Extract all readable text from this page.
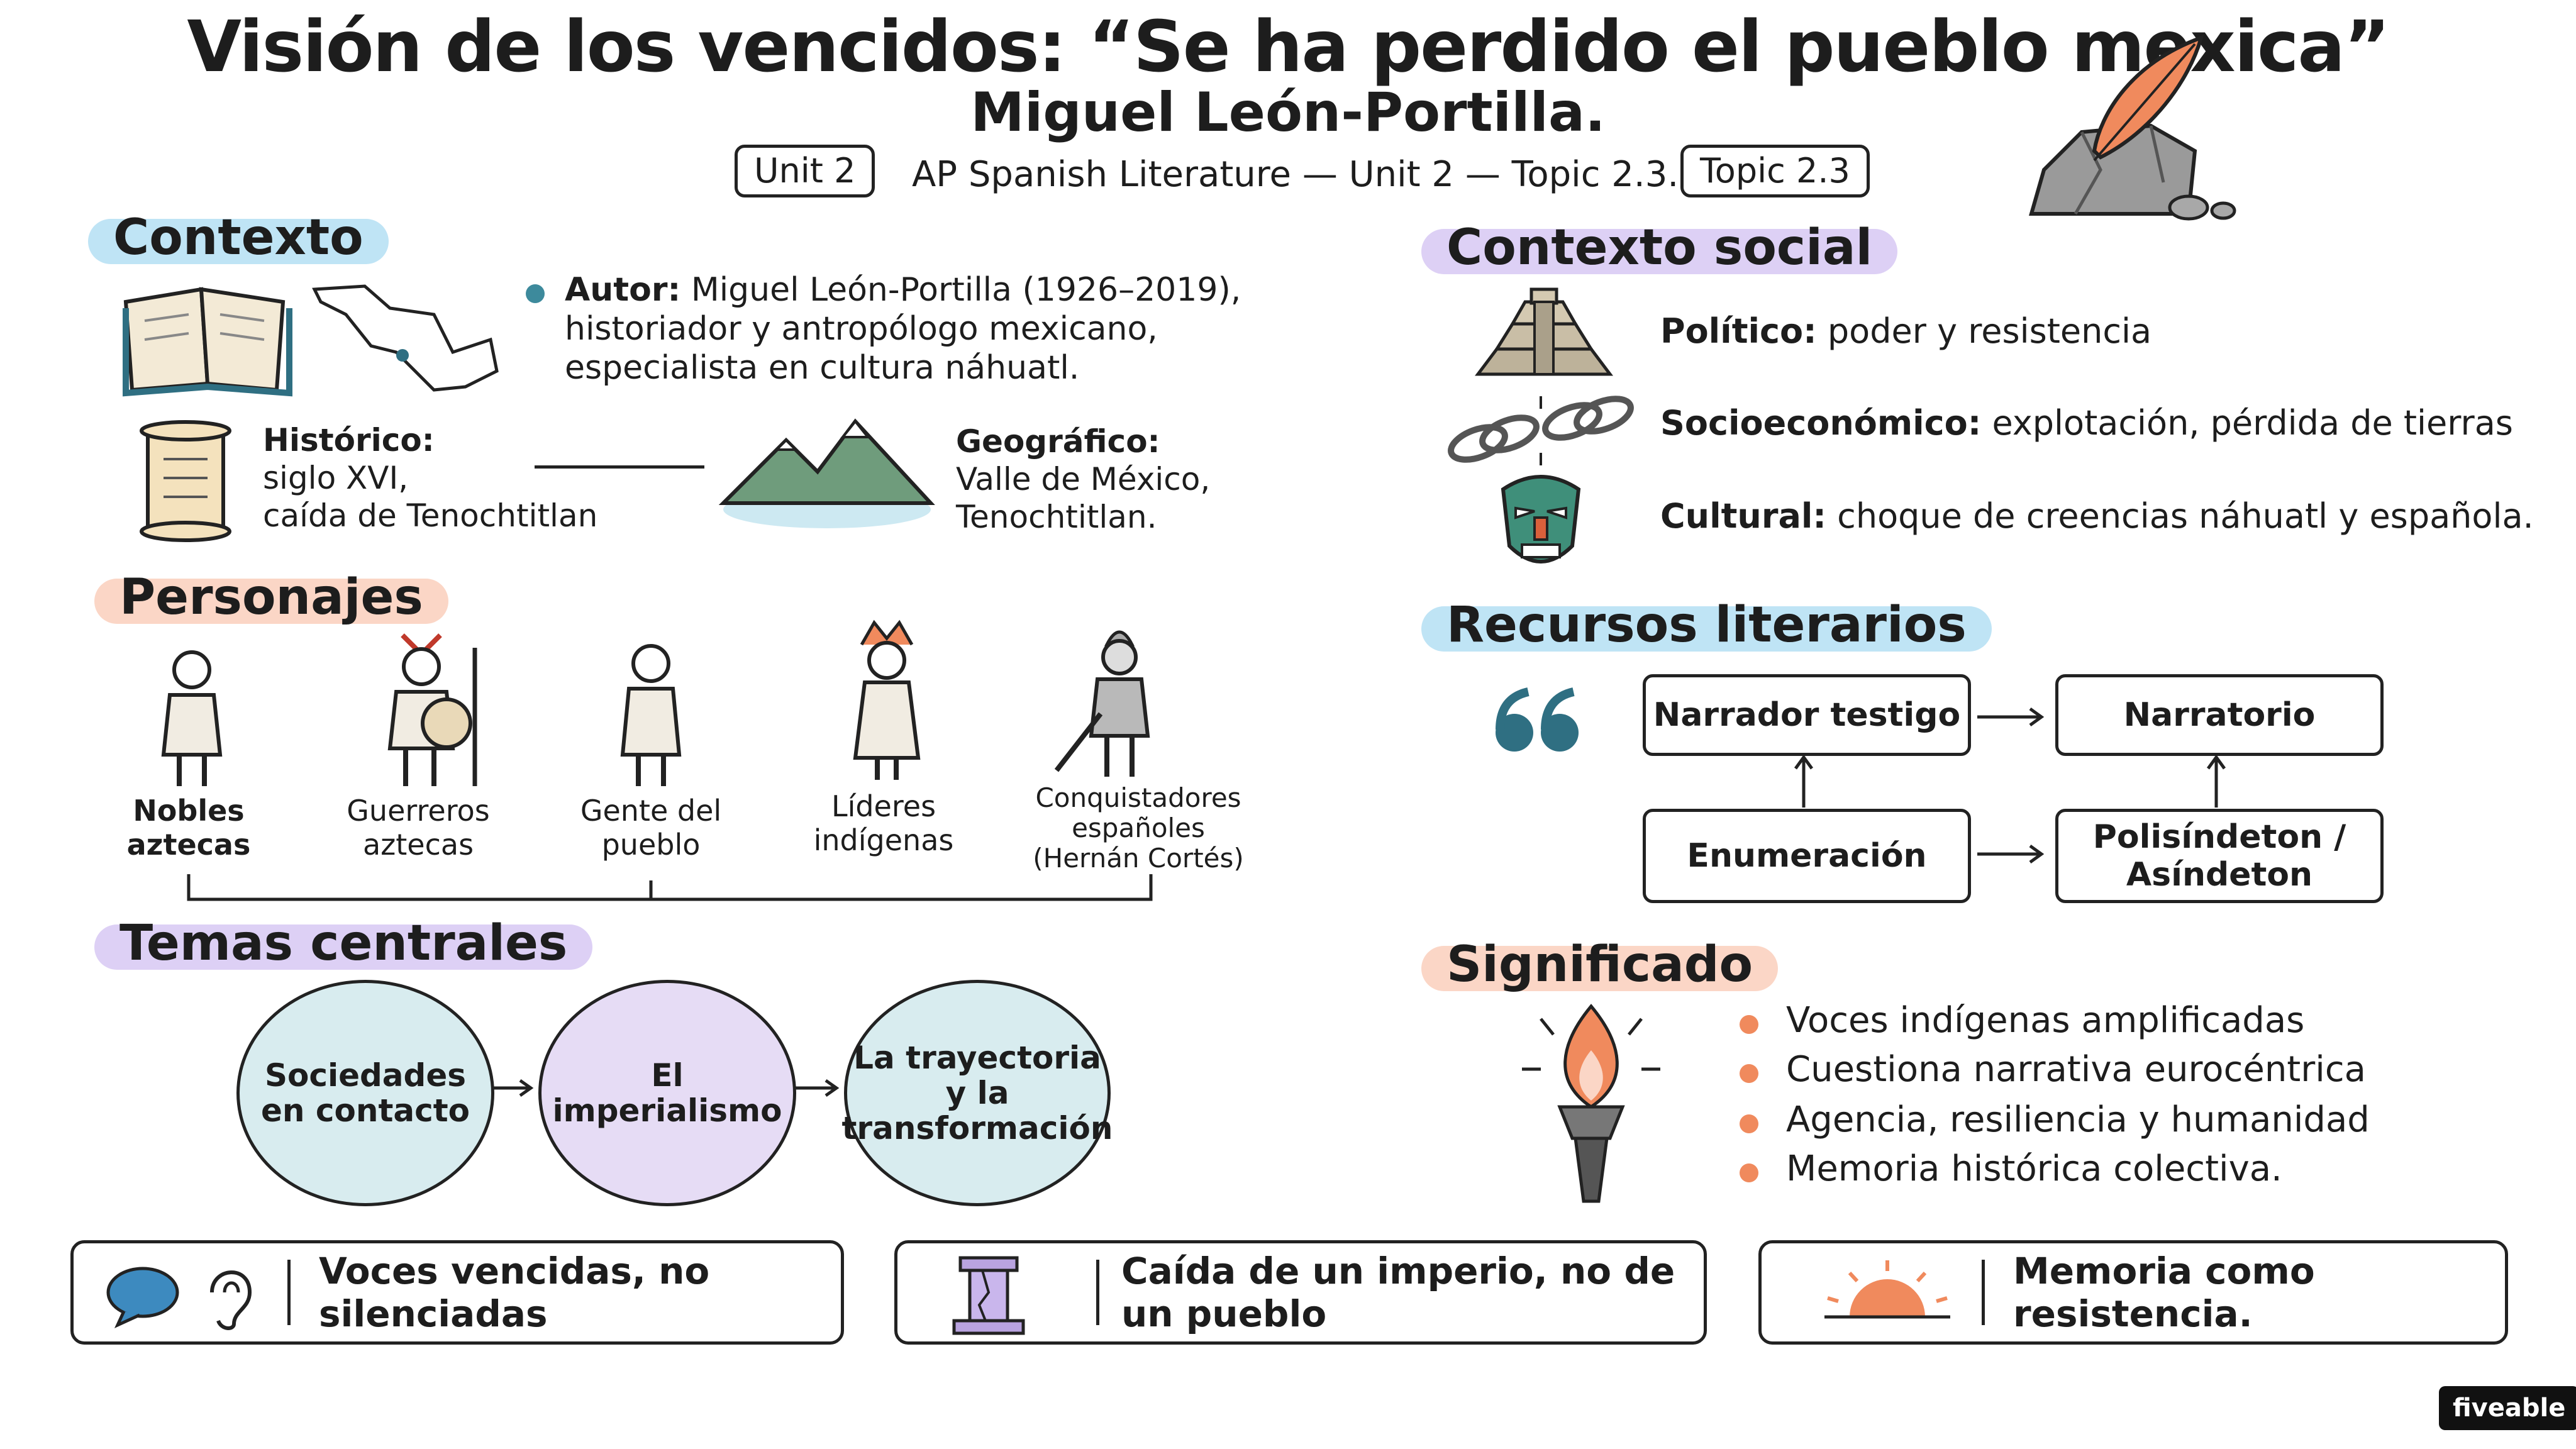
Visión de los vencidos: “Se ha perdido el pueblo mexica”
Miguel León-Portilla.
Unit 2	AP Spanish Literature — Unit 2 — Topic 2.3. Topic 2.3
Contexto
Autor: Miguel León-Portilla (1926–2019),
historiador y antropólogo mexicano,
especialista en cultura náhuatl.
Histórico:
siglo XVI,
caída de Tenochtitlan
Geográfico:
Valle de México,
Tenochtitlan.
Personajes
Nobles
aztecas
Guerreros
aztecas
Gente del
pueblo
Líderes
indígenas
Conquistadores
españoles
(Hernán Cortés)
Temas centrales
Sociedades
en contacto
El
imperialismo
La trayectoria
y la
transformación
Contexto social
Político: poder y resistencia
Socioeconómico: explotación, pérdida de tierras
Cultural: choque de creencias náhuatl y española.
Recursos literarios
Narrador testigo	Narratorio
Enumeración	Polisíndeton /
Asíndeton
Significado
Voces indígenas amplificadas
Cuestiona narrativa eurocéntrica
Agencia, resiliencia y humanidad
Memoria histórica colectiva.
Voces vencidas, no silenciadas
Caída de un imperio, no de un pueblo
Memoria como resistencia.
fiveable
